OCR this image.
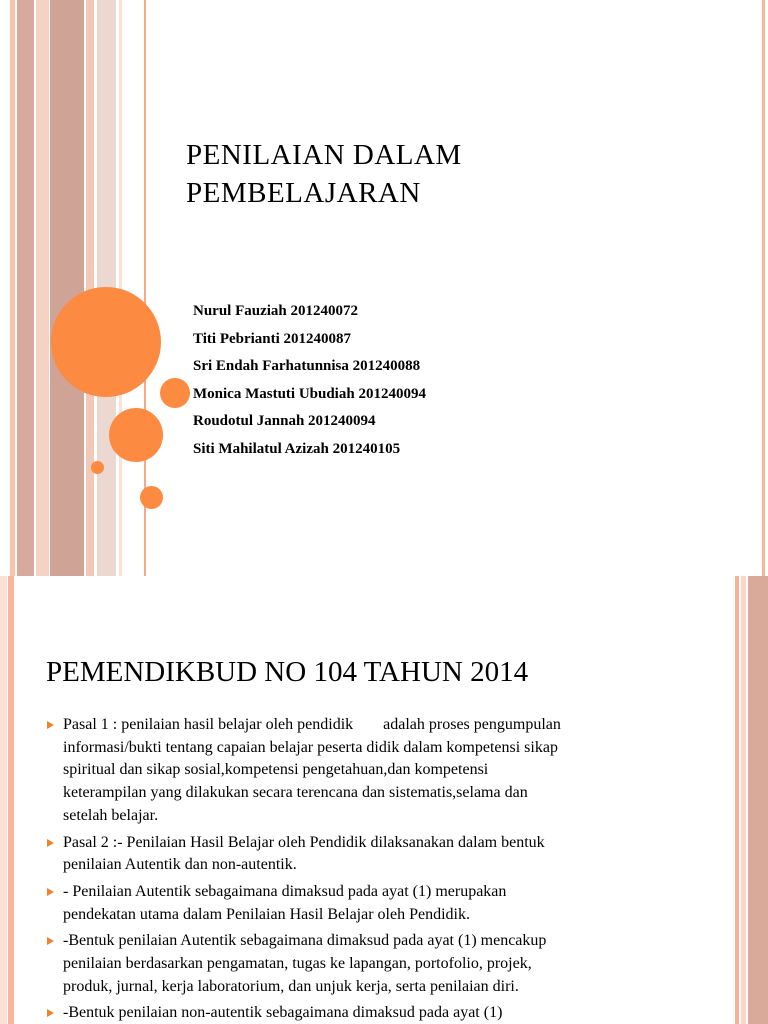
PENILAIAN DALAM
PEMBELAJARAN
Nurul Fauziah 201240072
Titi Pebrianti 201240087
Sri Endah Farhatunnisa 201240088
Monica Mastuti Ubudiah 201240094
Roudotul Jannah 201240094
Siti Mahilatul Azizah 201240105
PEMENDIKBUD NO 104 TAHUN 2014
Pasal 1 : penilaian hasil belajar oleh pendidik adalah proses pengumpulan
informasi/bukti tentang capaian belajar peserta didik dalam kompetensi sikap
spiritual dan sikap sosial,kompetensi pengetahuan,dan kompetensi
keterampilan yang dilakukan secara terencana dan sistematis,selama dan
setelah belajar.
Pasal 2 :- Penilaian Hasil Belajar oleh Pendidik dilaksanakan dalam bentuk
penilaian Autentik dan non-autentik.
- Penilaian Autentik sebagaimana dimaksud pada ayat (1) merupakan
pendekatan utama dalam Penilaian Hasil Belajar oleh Pendidik.
-Bentuk penilaian Autentik sebagaimana dimaksud pada ayat (1) mencakup
penilaian berdasarkan pengamatan, tugas ke lapangan, portofolio, projek,
produk, jurnal, kerja laboratorium, dan unjuk kerja, serta penilaian diri.
-Bentuk penilaian non-autentik sebagaimana dimaksud pada ayat (1)
